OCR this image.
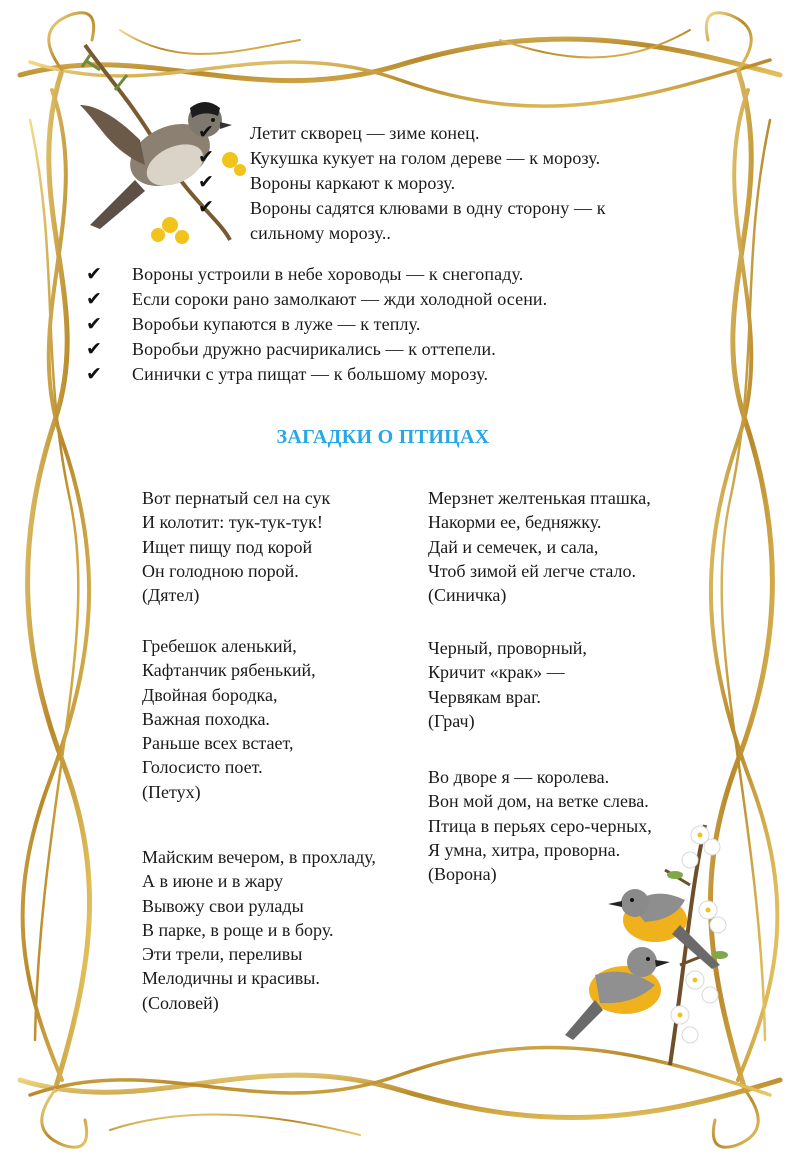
✔
✔
✔
✔
Летит скворец — зиме конец.
Кукушка кукует на голом дереве — к морозу.
Вороны каркают к морозу.
Вороны садятся клювами в одну сторону — к
сильному морозу..
✔
✔
✔
✔
✔
Вороны устроили в небе хороводы — к снегопаду.
Если сороки рано замолкают — жди холодной осени.
Воробьи купаются в луже — к теплу.
Воробьи дружно расчирикались — к оттепели.
Синички с утра пищат — к большому морозу.
ЗАГАДКИ О ПТИЦАХ
Вот пернатый сел на сук
И колотит: тук-тук-тук!
Ищет пищу под корой
Он голодною порой.
(Дятел)
Гребешок аленький,
Кафтанчик рябенький,
Двойная бородка,
Важная походка.
Раньше всех встает,
Голосисто поет.
(Петух)
Майским вечером, в прохладу,
А в июне и в жару
Вывожу свои рулады
В парке, в роще и в бору.
Эти трели, переливы
Мелодичны и красивы.
(Соловей)
Мерзнет желтенькая пташка,
Накорми ее, бедняжку.
Дай и семечек, и сала,
Чтоб зимой ей легче стало.
(Синичка)
Черный, проворный,
Кричит «крак» —
Червякам враг.
(Грач)
Во дворе я — королева.
Вон мой дом, на ветке слева.
Птица в перьях серо-черных,
Я умна, хитра, проворна.
(Ворона)
